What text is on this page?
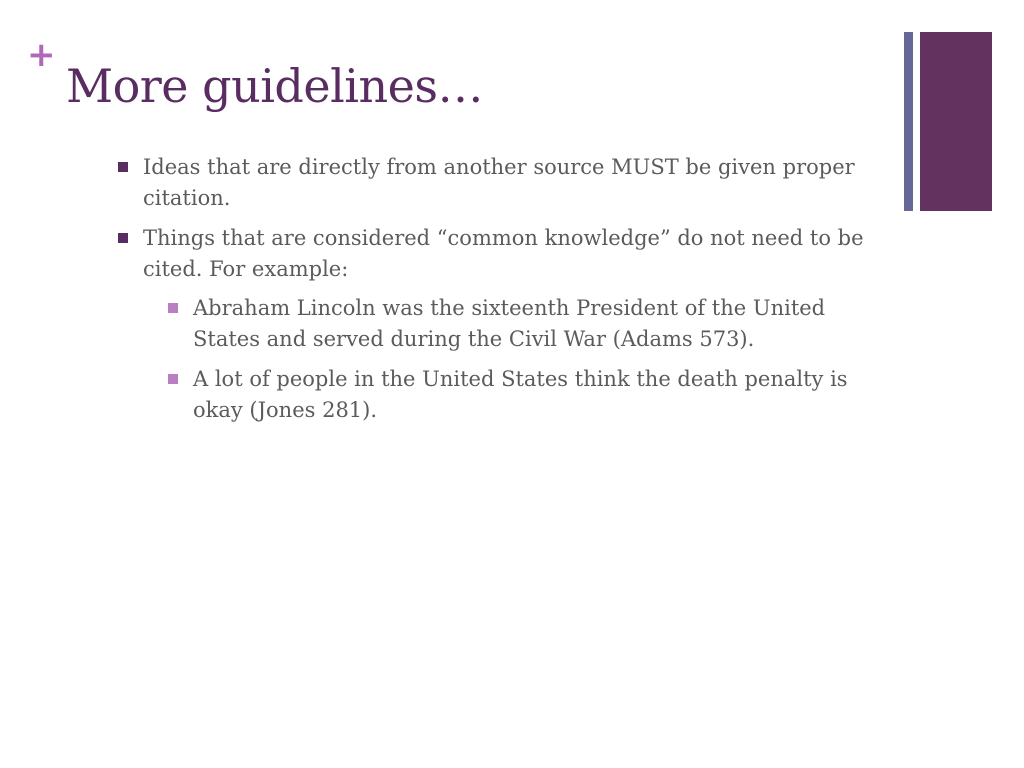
+
More guidelines…
Ideas that are directly from another source MUST be given proper citation.
Things that are considered “common knowledge” do not need to be cited. For example:
Abraham Lincoln was the sixteenth President of the United States and served during the Civil War (Adams 573).
A lot of people in the United States think the death penalty is okay (Jones 281).
